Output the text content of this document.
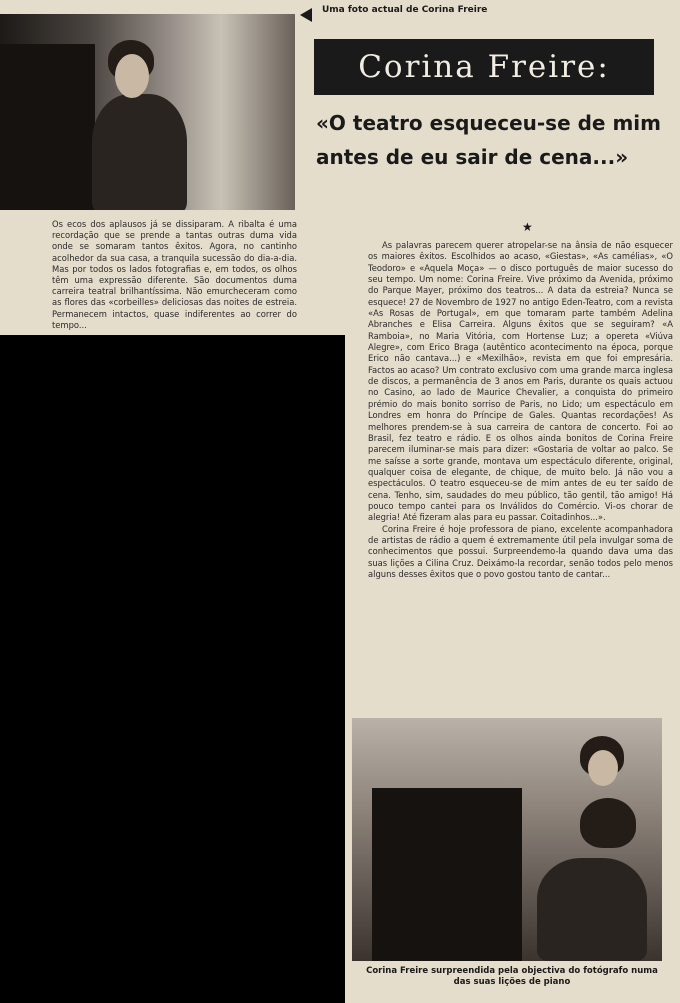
Uma foto actual de Corina Freire
Corina Freire:
«O teatro esqueceu-se de mim
antes de eu sair de cena...»
Os ecos dos aplausos já se dissiparam. A ribalta é uma recordação que se prende a tantas outras duma vida onde se somaram tantos êxitos. Agora, no cantinho acolhedor da sua casa, a tranquila sucessão do dia-a-dia. Mas por todos os lados fotografias e, em todos, os olhos têm uma expressão diferente. São documentos duma carreira teatral brilhantíssima. Não emurcheceram como as flores das «corbeilles» deliciosas das noites de estreia. Permanecem intactos, quase indiferentes ao correr do tempo...
★

As palavras parecem querer atropelar-se na ânsia de não esquecer os maiores êxitos. Escolhidos ao acaso, «Giestas», «As camélias», «O Teodoro» e «Aquela Moça» — o disco português de maior sucesso do seu tempo. Um nome: Corina Freire. Vive próximo da Avenida, próximo do Parque Mayer, próximo dos teatros... A data da estreia? Nunca se esquece! 27 de Novembro de 1927 no antigo Eden-Teatro, com a revista «As Rosas de Portugal», em que tomaram parte também Adelina Abranches e Elisa Carreira. Alguns êxitos que se seguiram? «A Ramboia», no Maria Vitória, com Hortense Luz; a opereta «Viúva Alegre», com Erico Braga (autêntico acontecimento na época, porque Erico não cantava...) e «Mexilhão», revista em que foi empresária. Factos ao acaso? Um contrato exclusivo com uma grande marca inglesa de discos, a permanência de 3 anos em Paris, durante os quais actuou no Casino, ao lado de Maurice Chevalier, a conquista do primeiro prémio do mais bonito sorriso de Paris, no Lido; um espectáculo em Londres em honra do Príncipe de Gales. Quantas recordações! As melhores prendem-se à sua carreira de cantora de concerto. Foi ao Brasil, fez teatro e rádio. E os olhos ainda bonitos de Corina Freire parecem iluminar-se mais para dizer: «Gostaria de voltar ao palco. Se me saísse a sorte grande, montava um espectáculo diferente, original, qualquer coisa de elegante, de chique, de muito belo. Já não vou a espectáculos. O teatro esqueceu-se de mim antes de eu ter saído de cena. Tenho, sim, saudades do meu público, tão gentil, tão amigo! Há pouco tempo cantei para os Inválidos do Comércio. Vi-os chorar de alegria! Até fizeram alas para eu passar. Coitadinhos...».

Corina Freire é hoje professora de piano, excelente acompanhadora de artistas de rádio a quem é extremamente útil pela invulgar soma de conhecimentos que possui. Surpreendemo-la quando dava uma das suas lições a Cilina Cruz. Deixámo-la recordar, senão todos pelo menos alguns desses êxitos que o povo gostou tanto de cantar...

Corina Freire surpreendida pela objectiva do fotógrafo numa das suas lições de piano
